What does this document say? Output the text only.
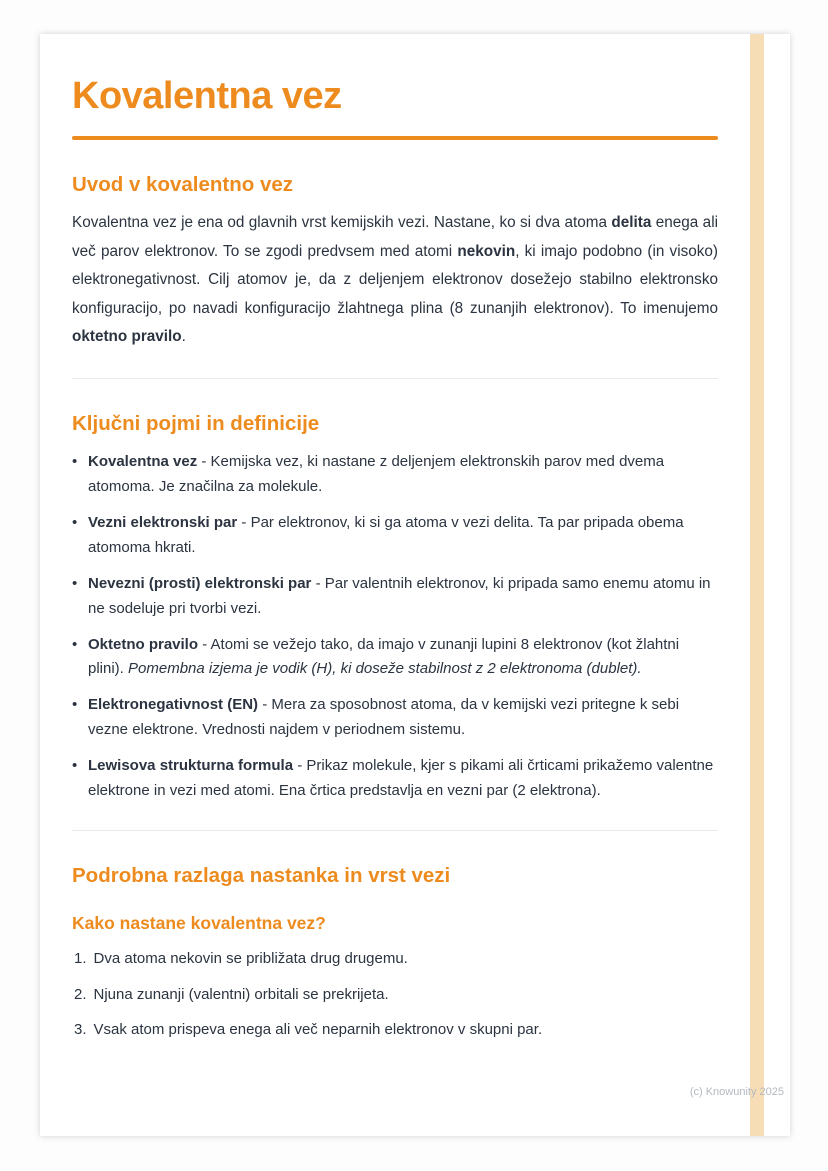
Kovalentna vez
Uvod v kovalentno vez

Kovalentna vez je ena od glavnih vrst kemijskih vezi. Nastane, ko si dva atoma delita enega ali več parov elektronov. To se zgodi predvsem med atomi nekovin, ki imajo podobno (in visoko) elektronegativnost. Cilj atomov je, da z deljenjem elektronov dosežejo stabilno elektronsko konfiguracijo, po navadi konfiguracijo žlahtnega plina (8 zunanjih elektronov). To imenujemo oktetno pravilo.

Ključni pojmi in definicije
• Kovalentna vez - Kemijska vez, ki nastane z deljenjem elektronskih parov med dvema atomoma. Je značilna za molekule.
• Vezni elektronski par - Par elektronov, ki si ga atoma v vezi delita. Ta par pripada obema atomoma hkrati.
• Nevezni (prosti) elektronski par - Par valentnih elektronov, ki pripada samo enemu atomu in ne sodeluje pri tvorbi vezi.
• Oktetno pravilo - Atomi se vežejo tako, da imajo v zunanji lupini 8 elektronov (kot žlahtni plini). Pomembna izjema je vodik (H), ki doseže stabilnost z 2 elektronoma (dublet).
• Elektronegativnost (EN) - Mera za sposobnost atoma, da v kemijski vezi pritegne k sebi vezne elektrone. Vrednosti najdem v periodnem sistemu.
• Lewisova strukturna formula - Prikaz molekule, kjer s pikami ali črticami prikažemo valentne elektrone in vezi med atomi. Ena črtica predstavlja en vezni par (2 elektrona).
Podrobna razlaga nastanka in vrst vezi
Kako nastane kovalentna vez?
1. Dva atoma nekovin se približata drug drugemu.
2. Njuna zunanji (valentni) orbitali se prekrijeta.
3. Vsak atom prispeva enega ali več neparnih elektronov v skupni par.
(c) Knowunity 2025
